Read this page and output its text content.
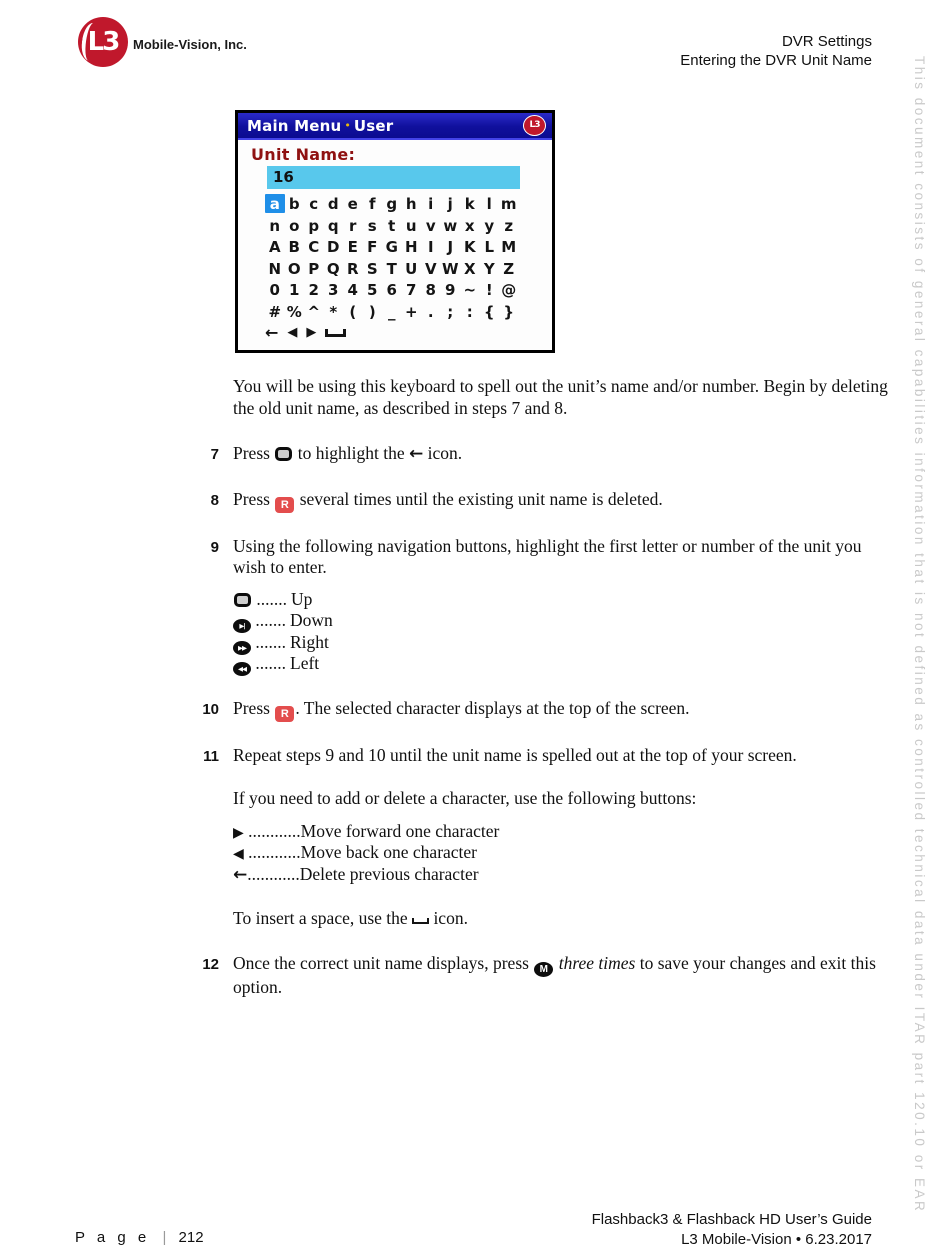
L3 Mobile-Vision, Inc.	DVR Settings
Entering the DVR Unit Name	This document consists of general capabilities information that is not defined as controlled technical data under ITAR part 120.10 or EAR
Main Menu • User	L3
Unit Name:
16
a b c d e f g h i j k l m
n o p q r s t u v w x y z
A B C D E F G H I J K L M
N O P Q R S T U V W X Y Z
0 1 2 3 4 5 6 7 8 9 ~ ! @
# % ^ * ( ) _ + . ; : { }
← ◀ ▶

You will be using this keyboard to spell out the unit’s name and/or number. Begin by deleting the old unit name, as described in steps 7 and 8.

7 Press  to highlight the ← icon.
8 Press R several times until the existing unit name is deleted.
9 Using the following navigation buttons, highlight the first letter or number of the unit you wish to enter.
....... Up
▶| ....... Down
▶▶ ....... Right
◀◀ ....... Left
10 Press R . The selected character displays at the top of the screen.
11 Repeat steps 9 and 10 until the unit name is spelled out at the top of your screen.
If you need to add or delete a character, use the following buttons:
▶ ............Move forward one character
◀ ............Move back one character
←............Delete previous character
To insert a space, use the  icon.
12 Once the correct unit name displays, press M three times to save your changes and exit this option.
P a g e | 212
Flashback3 & Flashback HD User’s Guide
L3 Mobile-Vision • 6.23.2017
